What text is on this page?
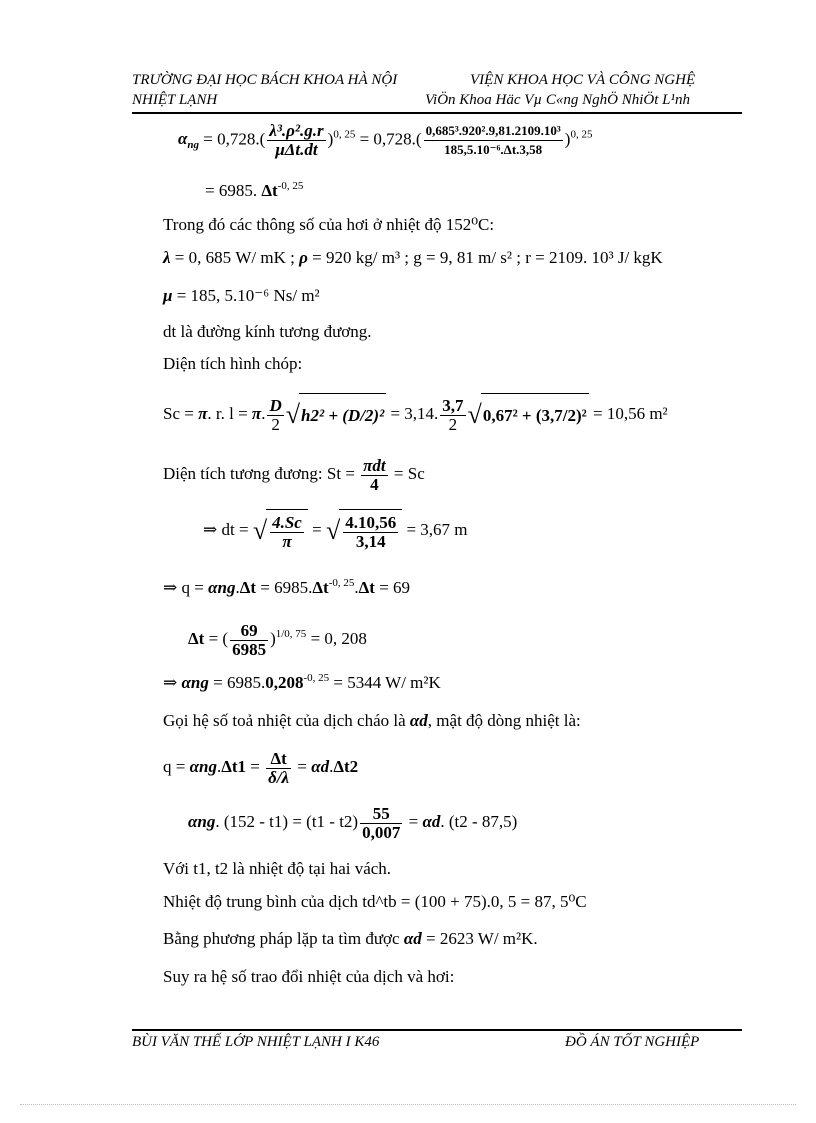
TRƯỜNG ĐẠI HỌC BÁCH KHOA HÀ NỘI	VIỆN KHOA HỌC VÀ CÔNG NGHỆ
NHIỆT LẠNH	ViÖn Khoa Häc Vµ C«ng NghÖ NhiÖt L¹nh
$\alpha_{ng} = 0,728.( \frac{\text{λ³.ρ².g.r}}{\text{μΔt.dt}} )^{0, 25} = 0,728.( \frac{\text{0,685³.920².9,81.2109.10³}}{\text{185,5.10⁻⁶.Δt.3,58}} )^{0, 25}$
= 6985. $\Delta t^{-0, 25}$
Trong đó các thông số của hơi ở nhiệt độ 152⁰C:
λ = 0, 685 W/ mK ; ρ = 920 kg/ m³ ; g = 9, 81 m/ s² ; r = 2109. 10³ J/ kgK
μ = 185, 5.10⁻⁶ Ns/ m²
dt là đường kính tương đương.
Diện tích hình chóp:
Sc = π. r. l = π. $\frac{D}{2} √h2^2 + (D/2)^2 = 3,14$. $\frac{3,7}{2} √0,67^2 + (3,7/2)^2 = 10,56$ m²
Diện tích tương đương: $St = \frac{\text{πdt}}{4} = Sc$
⇒ dt = √ $\frac{4.Sc}{\pi}$ = √ $\frac{4.10,56}{3,14} = 3,67$ m
⇒ $q = \alpha ng.\Delta t = 6985.\Delta t^{-0, 25}.\Delta t = 69$
Δt = ( $\frac{69}{6985} )^{1/0, 75} = 0$, 208
⇒ $\alpha ng = 6985.0,208^{-0, 25} = 5344$ W/ m²K
Gọi hệ số toả nhiệt của dịch cháo là αd, mật độ dòng nhiệt là:
$q = \alpha ng.\Delta t1 = \frac{\Delta t}{\delta/\lambda} = \alpha d.\Delta t2$
αng. $(152 - t1) = (t1 - t2) \frac{55}{0,007} = \alpha d$. (t2 - 87,5)
Với t1, t2 là nhiệt độ tại hai vách.
Nhiệt độ trung bình của dịch td^tb = (100 + 75).0, 5 = 87, 5⁰C
Bằng phương pháp lặp ta tìm được αd = 2623 W/ m²K.
Suy ra hệ số trao đổi nhiệt của dịch và hơi:
BÙI VĂN THẾ LỚP NHIỆT LẠNH I K46	ĐỒ ÁN TỐT NGHIỆP
